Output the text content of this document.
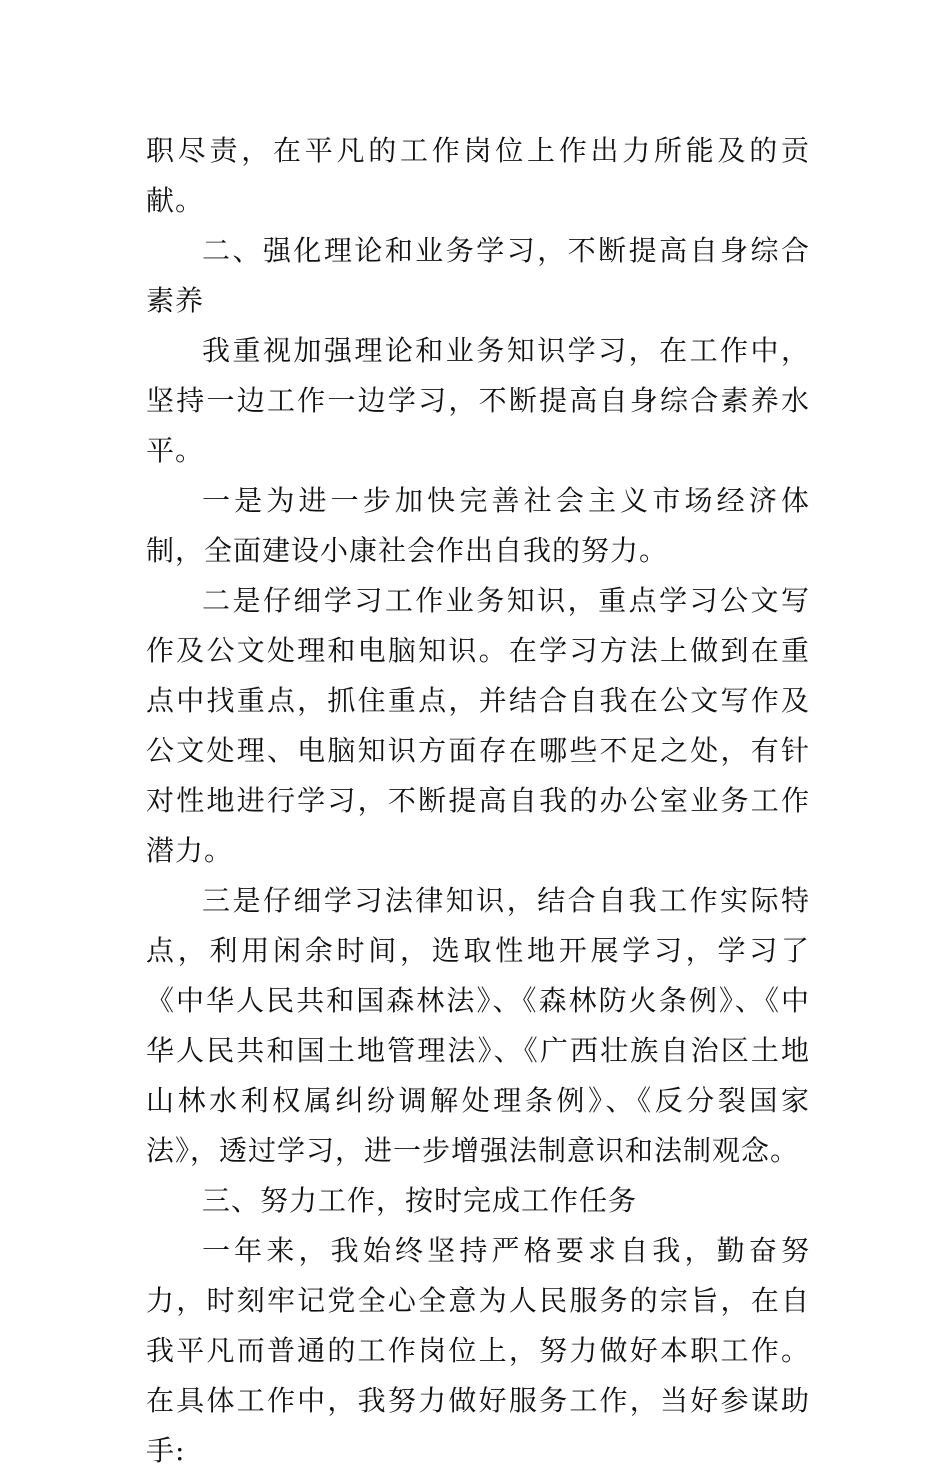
职尽责，在平凡的工作岗位上作出力所能及的贡献。

二、强化理论和业务学习，不断提高自身综合素养

我重视加强理论和业务知识学习，在工作中，坚持一边工作一边学习，不断提高自身综合素养水平。

一是为进一步加快完善社会主义市场经济体制，全面建设小康社会作出自我的努力。

二是仔细学习工作业务知识，重点学习公文写作及公文处理和电脑知识。在学习方法上做到在重点中找重点，抓住重点，并结合自我在公文写作及公文处理、电脑知识方面存在哪些不足之处，有针对性地进行学习，不断提高自我的办公室业务工作潜力。

三是仔细学习法律知识，结合自我工作实际特点，利用闲余时间，选取性地开展学习，学习了《中华人民共和国森林法》、《森林防火条例》、《中华人民共和国土地管理法》、《广西壮族自治区土地山林水利权属纠纷调解处理条例》、《反分裂国家法》，透过学习，进一步增强法制意识和法制观念。

三、努力工作，按时完成工作任务

一年来，我始终坚持严格要求自我，勤奋努力，时刻牢记党全心全意为人民服务的宗旨，在自我平凡而普通的工作岗位上，努力做好本职工作。在具体工作中，我努力做好服务工作，当好参谋助手:
